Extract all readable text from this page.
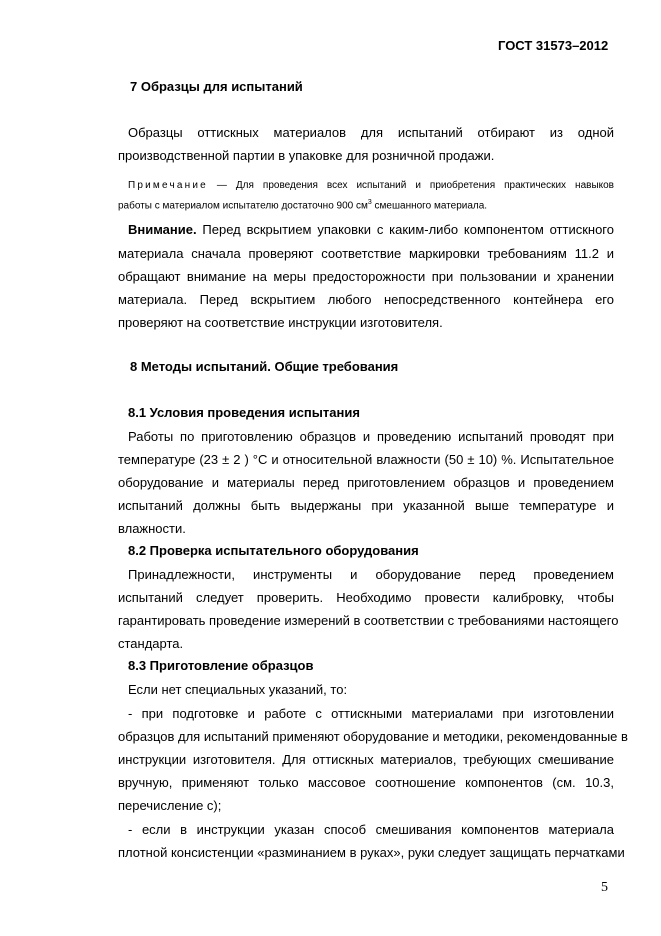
ГОСТ 31573–2012
7 Образцы для испытаний
Образцы оттискных материалов для испытаний отбирают из одной
производственной партии в упаковке для розничной продажи.
Примечание — Для проведения всех испытаний и приобретения практических навыков
работы с материалом испытателю достаточно 900 $см^3$ смешанного материала.
Внимание. Перед вскрытием упаковки с каким-либо компонентом оттискного
материала сначала проверяют соответствие маркировки требованиям 11.2 и
обращают внимание на меры предосторожности при пользовании и хранении
материала. Перед вскрытием любого непосредственного контейнера его
проверяют на соответствие инструкции изготовителя.
8 Методы испытаний. Общие требования
8.1 Условия проведения испытания
Работы по приготовлению образцов и проведению испытаний проводят при
температуре (23 ± 2 ) °С и относительной влажности (50 ± 10) %. Испытательное
оборудование и материалы перед приготовлением образцов и проведением
испытаний должны быть выдержаны при указанной выше температуре и
влажности.
8.2 Проверка испытательного оборудования
Принадлежности, инструменты и оборудование перед проведением
испытаний следует проверить. Необходимо провести калибровку, чтобы
гарантировать проведение измерений в соответствии с требованиями настоящего
стандарта.
8.3 Приготовление образцов
Если нет специальных указаний, то:
- при подготовке и работе с оттискными материалами при изготовлении
образцов для испытаний применяют оборудование и методики, рекомендованные в
инструкции изготовителя. Для оттискных материалов, требующих смешивание
вручную, применяют только массовое соотношение компонентов (см. 10.3,
перечисление с);
- если в инструкции указан способ смешивания компонентов материала
плотной консистенции «разминанием в руках», руки следует защищать перчатками
5
